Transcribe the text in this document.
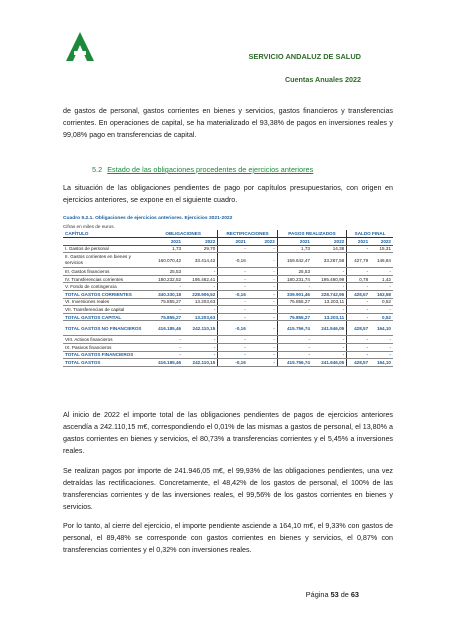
SERVICIO ANDALUZ DE SALUD
Cuentas Anuales 2022

de gastos de personal, gastos corrientes en bienes y servicios, gastos financieros y transferencias corrientes. En operaciones de capital, se ha materializado el 93,38% de pagos en inversiones reales y 99,08% pago en transferencias de capital.

5.2 Estado de las obligaciones procedentes de ejercicios anteriores

La situación de las obligaciones pendientes de pago por capítulos presupuestarios, con origen en ejercicios anteriores, se expone en el siguiente cuadro.

Cuadro 5.2.1. Obligaciones de ejercicios anteriores. Ejercicios 2021-2022
Cifras en miles de euros.
CAPÍTULO	OBLIGACIONES		RECTIFICACIONES		PAGOS REALIZADOS		SALDO FINAL	
	2021	2022	2021	2022	2021	2022	2021	2022
I. Gastos de personal	1,73	29,70	-	-	1,73	14,38	-	15,31
II. Gastos corrientes en bienes y servicios	160.070,42	33.414,42	-0,16	-	159.642,47	33.267,58	427,79	146,84
III. Gastos financieros	25,53	-	-	-	25,53	-	-	-
IV. Transferencias corrientes	180.232,52	195.462,41	-	-	180.231,74	195.460,99	0,78	1,42
V. Fondo de contingencia	-	-	-	-	-	-	-	-
TOTAL GASTOS CORRIENTES	340.330,18	228.906,52	-0,16	-	339.901,46	228.742,95	428,57	163,58
VI. Inversiones reales	75.855,27	13.203,63	-	-	75.855,27	13.203,11	-	0,52
VII. Transferencias de capital	-	-	-	-	-	-	-	-
TOTAL GASTOS CAPITAL	75.855,27	13.203,63	-	-	75.855,27	13.203,11	-	0,52
TOTAL GASTOS NO FINANCIEROS	416.185,46	242.110,15	-0,16	-	415.756,74	241.946,05	428,57	164,10
VIII. Activos financieros	-	-	-	-	-	-	-	-
IX. Pasivos financieros	-	-	-	-	-	-	-	-
TOTAL GASTOS FINANCIEROS	-	-	-	-	-	-	-	-
TOTAL GASTOS	416.185,46	242.110,15	-0,16	-	415.756,74	241.946,05	428,57	164,10

Al inicio de 2022 el importe total de las obligaciones pendientes de pagos de ejercicios anteriores ascendía a 242.110,15 m€, correspondiendo el 0,01% de las mismas a gastos de personal, el 13,80% a gastos corrientes en bienes y servicios, el 80,73% a transferencias corrientes y el 5,45% a inversiones reales.

Se realizan pagos por importe de 241.946,05 m€, el 99,93% de las obligaciones pendientes, una vez detraídas las rectificaciones. Concretamente, el 48,42% de los gastos de personal, el 100% de las transferencias corrientes y de las inversiones reales, el 99,56% de los gastos corrientes en bienes y servicios.

Por lo tanto, al cierre del ejercicio, el importe pendiente asciende a 164,10 m€, el 9,33% con gastos de personal, el 89,48% se corresponde con gastos corrientes en bienes y servicios, el 0,87% con transferencias corrientes y el 0,32% con inversiones reales.

Página 53 de 63
